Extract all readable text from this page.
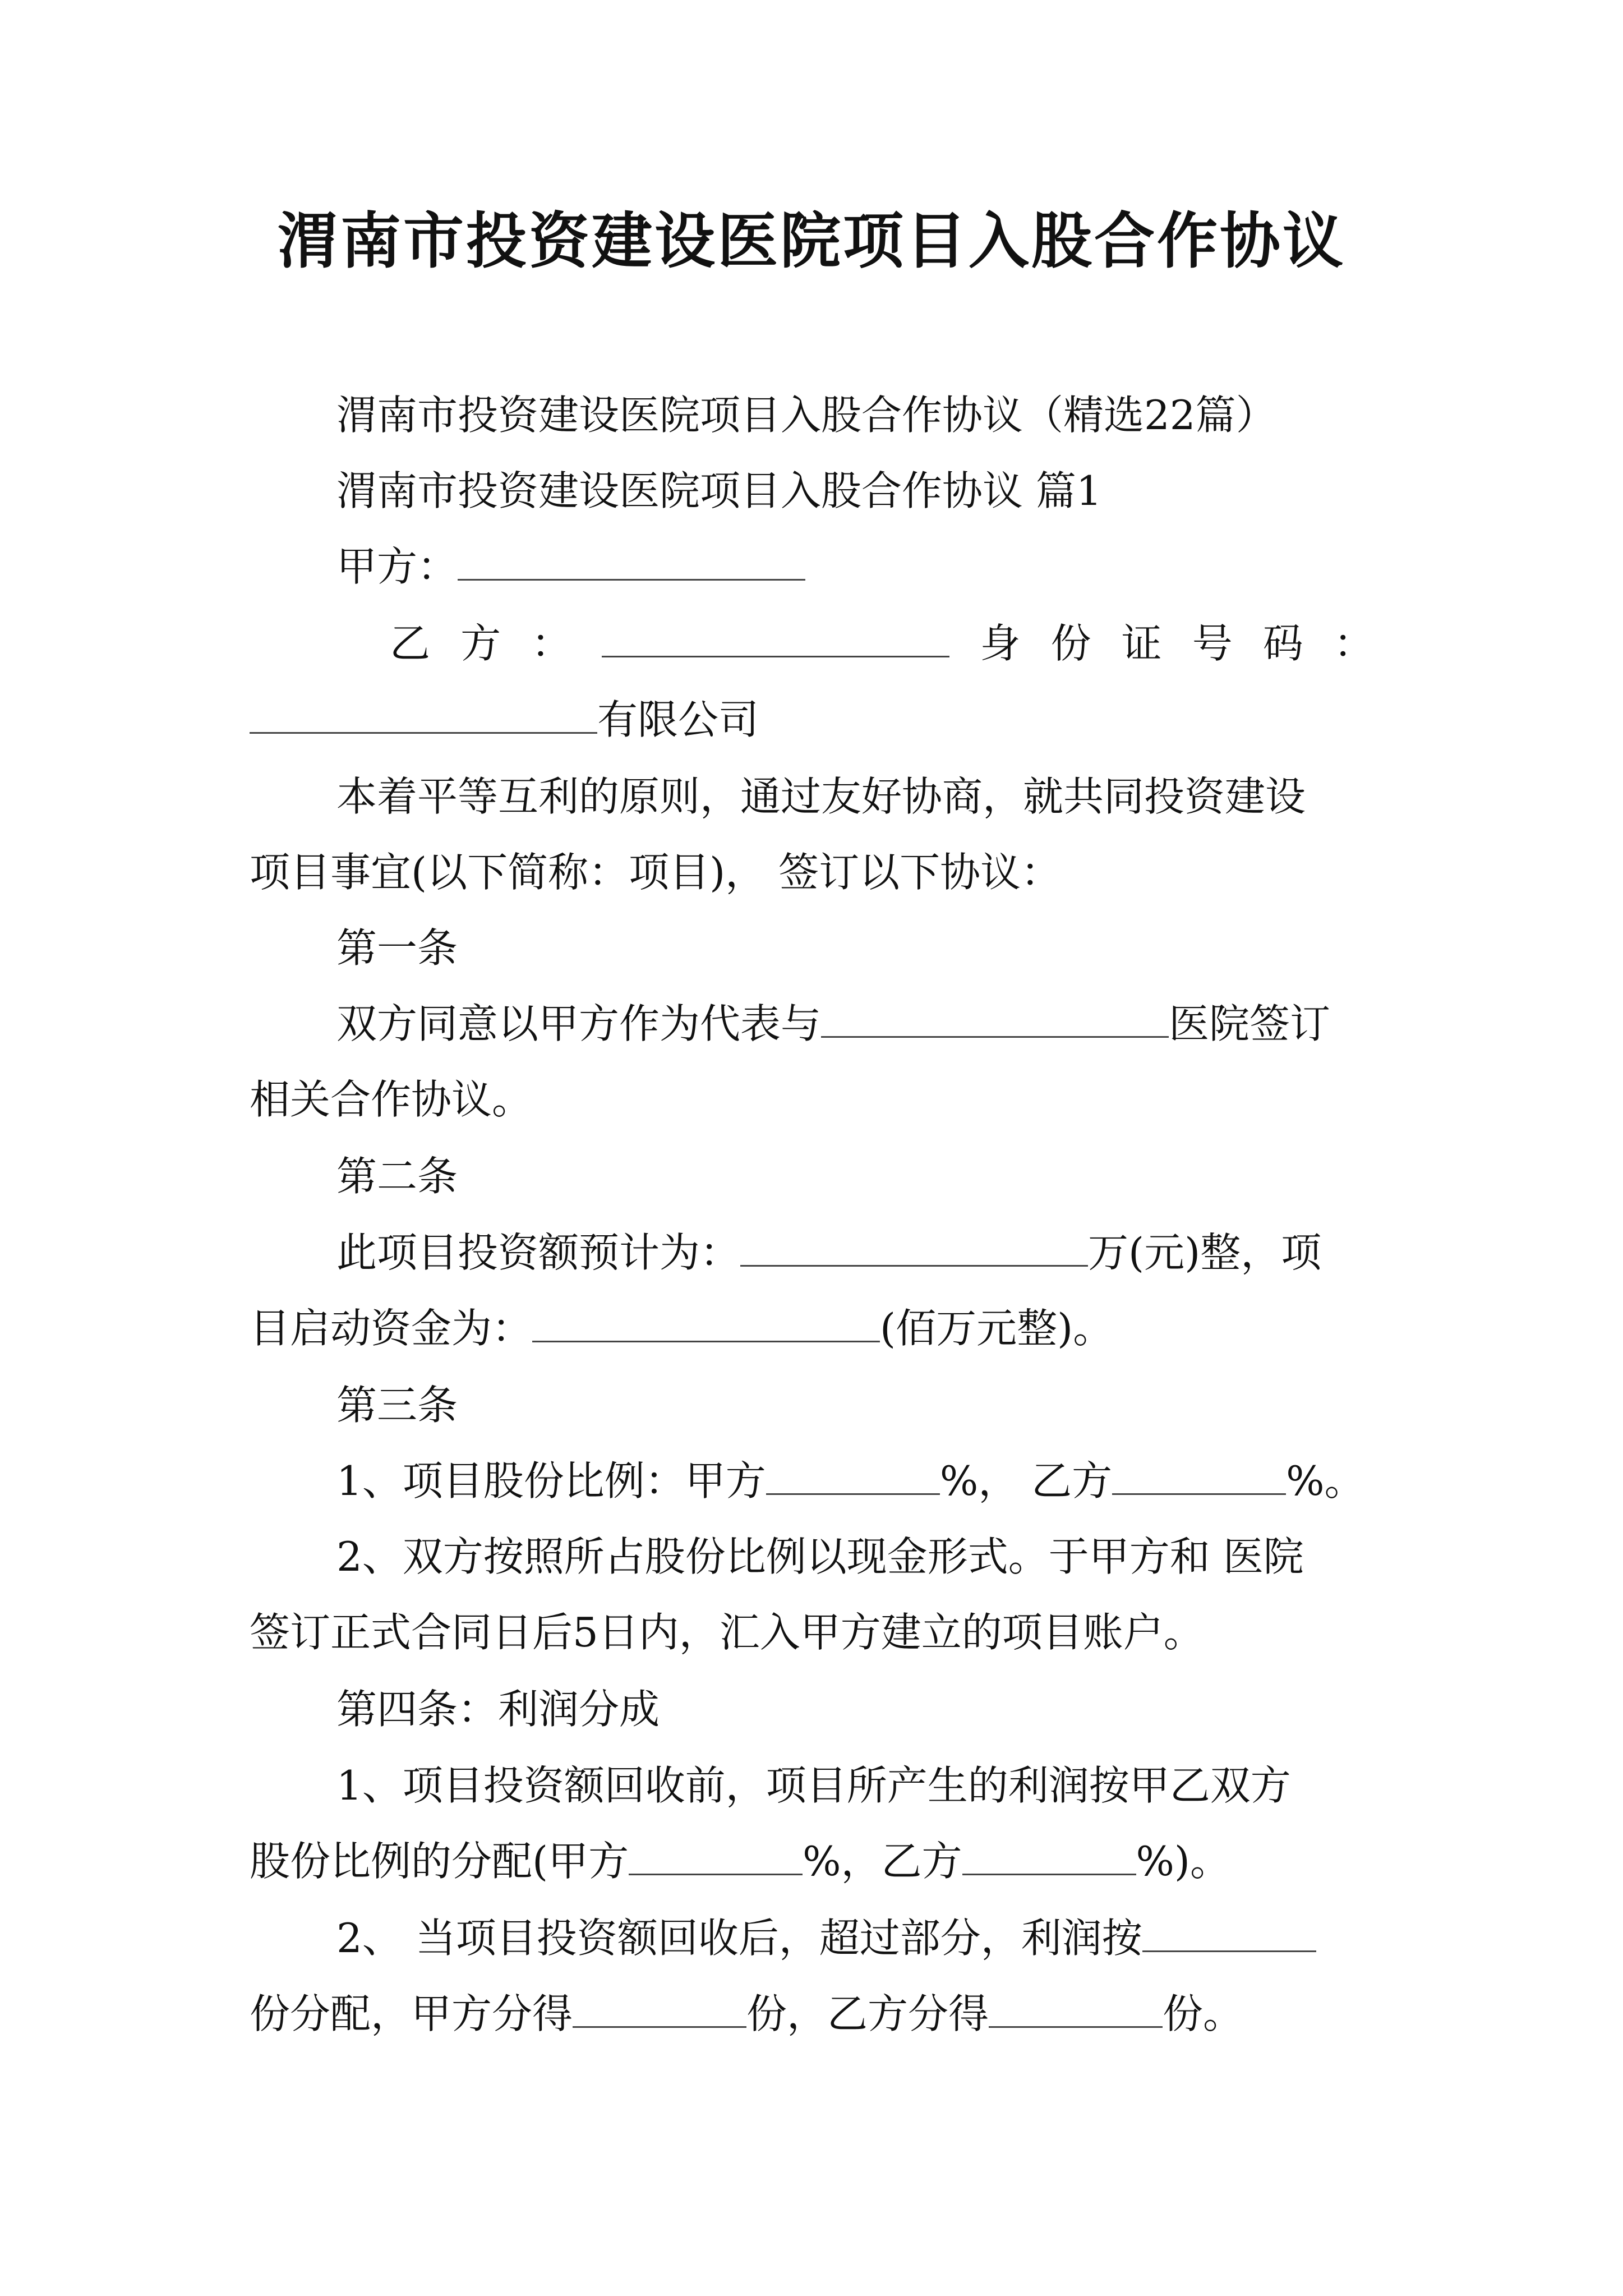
渭南市投资建设医院项目入股合作协议
渭南市投资建设医院项目入股合作协议（精选22篇）
渭南市投资建设医院项目入股合作协议 篇1
甲方：
乙 方 ：	身 份 证 号 码 ：
有限公司
本着平等互利的原则，通过友好协商，就共同投资建设
项目事宜(以下简称：项目)， 签订以下协议：
第一条
双方同意以甲方作为代表与	医院签订
相关合作协议。
第二条
此项目投资额预计为：	万(元)整，项
目启动资金为：	(佰万元整)。
第三条
1、项目股份比例：甲方	%， 乙方	%。
2、双方按照所占股份比例以现金形式。于甲方和 医院
签订正式合同日后5日内，汇入甲方建立的项目账户。
第四条：利润分成
1、项目投资额回收前，项目所产生的利润按甲乙双方
股份比例的分配(甲方	%，乙方	%)。
2、 当项目投资额回收后，超过部分，利润按
份分配，甲方分得	份，乙方分得	份。
